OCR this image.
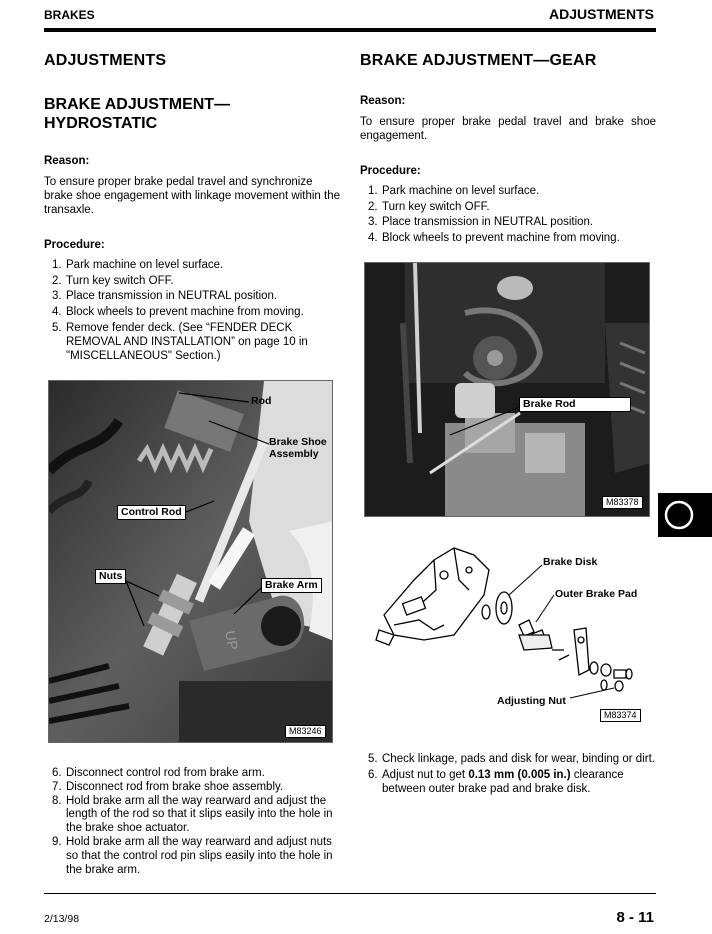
BRAKES	ADJUSTMENTS
ADJUSTMENTS
BRAKE ADJUSTMENT—
HYDROSTATIC
Reason:
To ensure proper brake pedal travel and synchronize brake shoe engagement with linkage movement within the transaxle.
Procedure:
1. Park machine on level surface.
2. Turn key switch OFF.
3. Place transmission in NEUTRAL position.
4. Block wheels to prevent machine from moving.
5. Remove fender deck. (See “FENDER DECK REMOVAL AND INSTALLATION” on page 10 in "MISCELLANEOUS" Section.)
UP
Rod
Brake Shoe
Assembly
Control Rod
Nuts
Brake Arm
M83246
6. Disconnect control rod from brake arm.
7. Disconnect rod from brake shoe assembly.
8. Hold brake arm all the way rearward and adjust the length of the rod so that it slips easily into the hole in the brake shoe actuator.
9. Hold brake arm all the way rearward and adjust nuts so that the control rod pin slips easily into the hole in the brake arm.
BRAKE ADJUSTMENT—GEAR
Reason:
To ensure proper brake pedal travel and brake shoe engagement.
Procedure:
1. Park machine on level surface.
2. Turn key switch OFF.
3. Place transmission in NEUTRAL position.
4. Block wheels to prevent machine from moving.
Brake Rod
M83378
Brake Disk
Outer Brake Pad
Adjusting Nut
M83374
5. Check linkage, pads and disk for wear, binding or dirt.
6. Adjust nut to get 0.13 mm (0.005 in.) clearance between outer brake pad and brake disk.
2/13/98	8 - 11
